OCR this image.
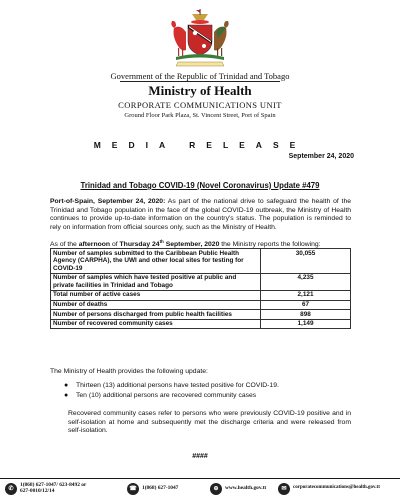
Government of the Republic of Trinidad and Tobago
Ministry of Health
CORPORATE COMMUNICATIONS UNIT
Ground Floor Park Plaza, St. Vincent Street, Port of Spain
MEDIA RELEASE
September 24, 2020
Trinidad and Tobago COVID-19 (Novel Coronavirus) Update #479
Port-of-Spain, September 24, 2020: As part of the national drive to safeguard the health of the Trinidad and Tobago population in the face of the global COVID-19 outbreak, the Ministry of Health continues to provide up-to-date information on the country's status. The population is reminded to rely on information from official sources only, such as the Ministry of Health.
As of the afternoon of Thursday 24th September, 2020 the Ministry reports the following:
Number of samples submitted to the Caribbean Public Health Agency (CARPHA), the UWI and other local sites for testing for COVID-19	30,055
Number of samples which have tested positive at public and private facilities in Trinidad and Tobago	4,235
Total number of active cases	2,121
Number of deaths	67
Number of persons discharged from public health facilities	898
Number of recovered community cases	1,149
The Ministry of Health provides the following update:
● Thirteen (13) additional persons have tested positive for COVID-19.
● Ten (10) additional persons are recovered community cases
Recovered community cases refer to persons who were previously COVID-19 positive and in self-isolation at home and subsequently met the discharge criteria and were released from self-isolation.
####
✆
1(868) 627-1047/ 623-8492 or
627-0010/12/14	☎ 1(868) 627-1047	⊕	www.health.gov.tt	✉	corporatecommunications@health.gov.tt
